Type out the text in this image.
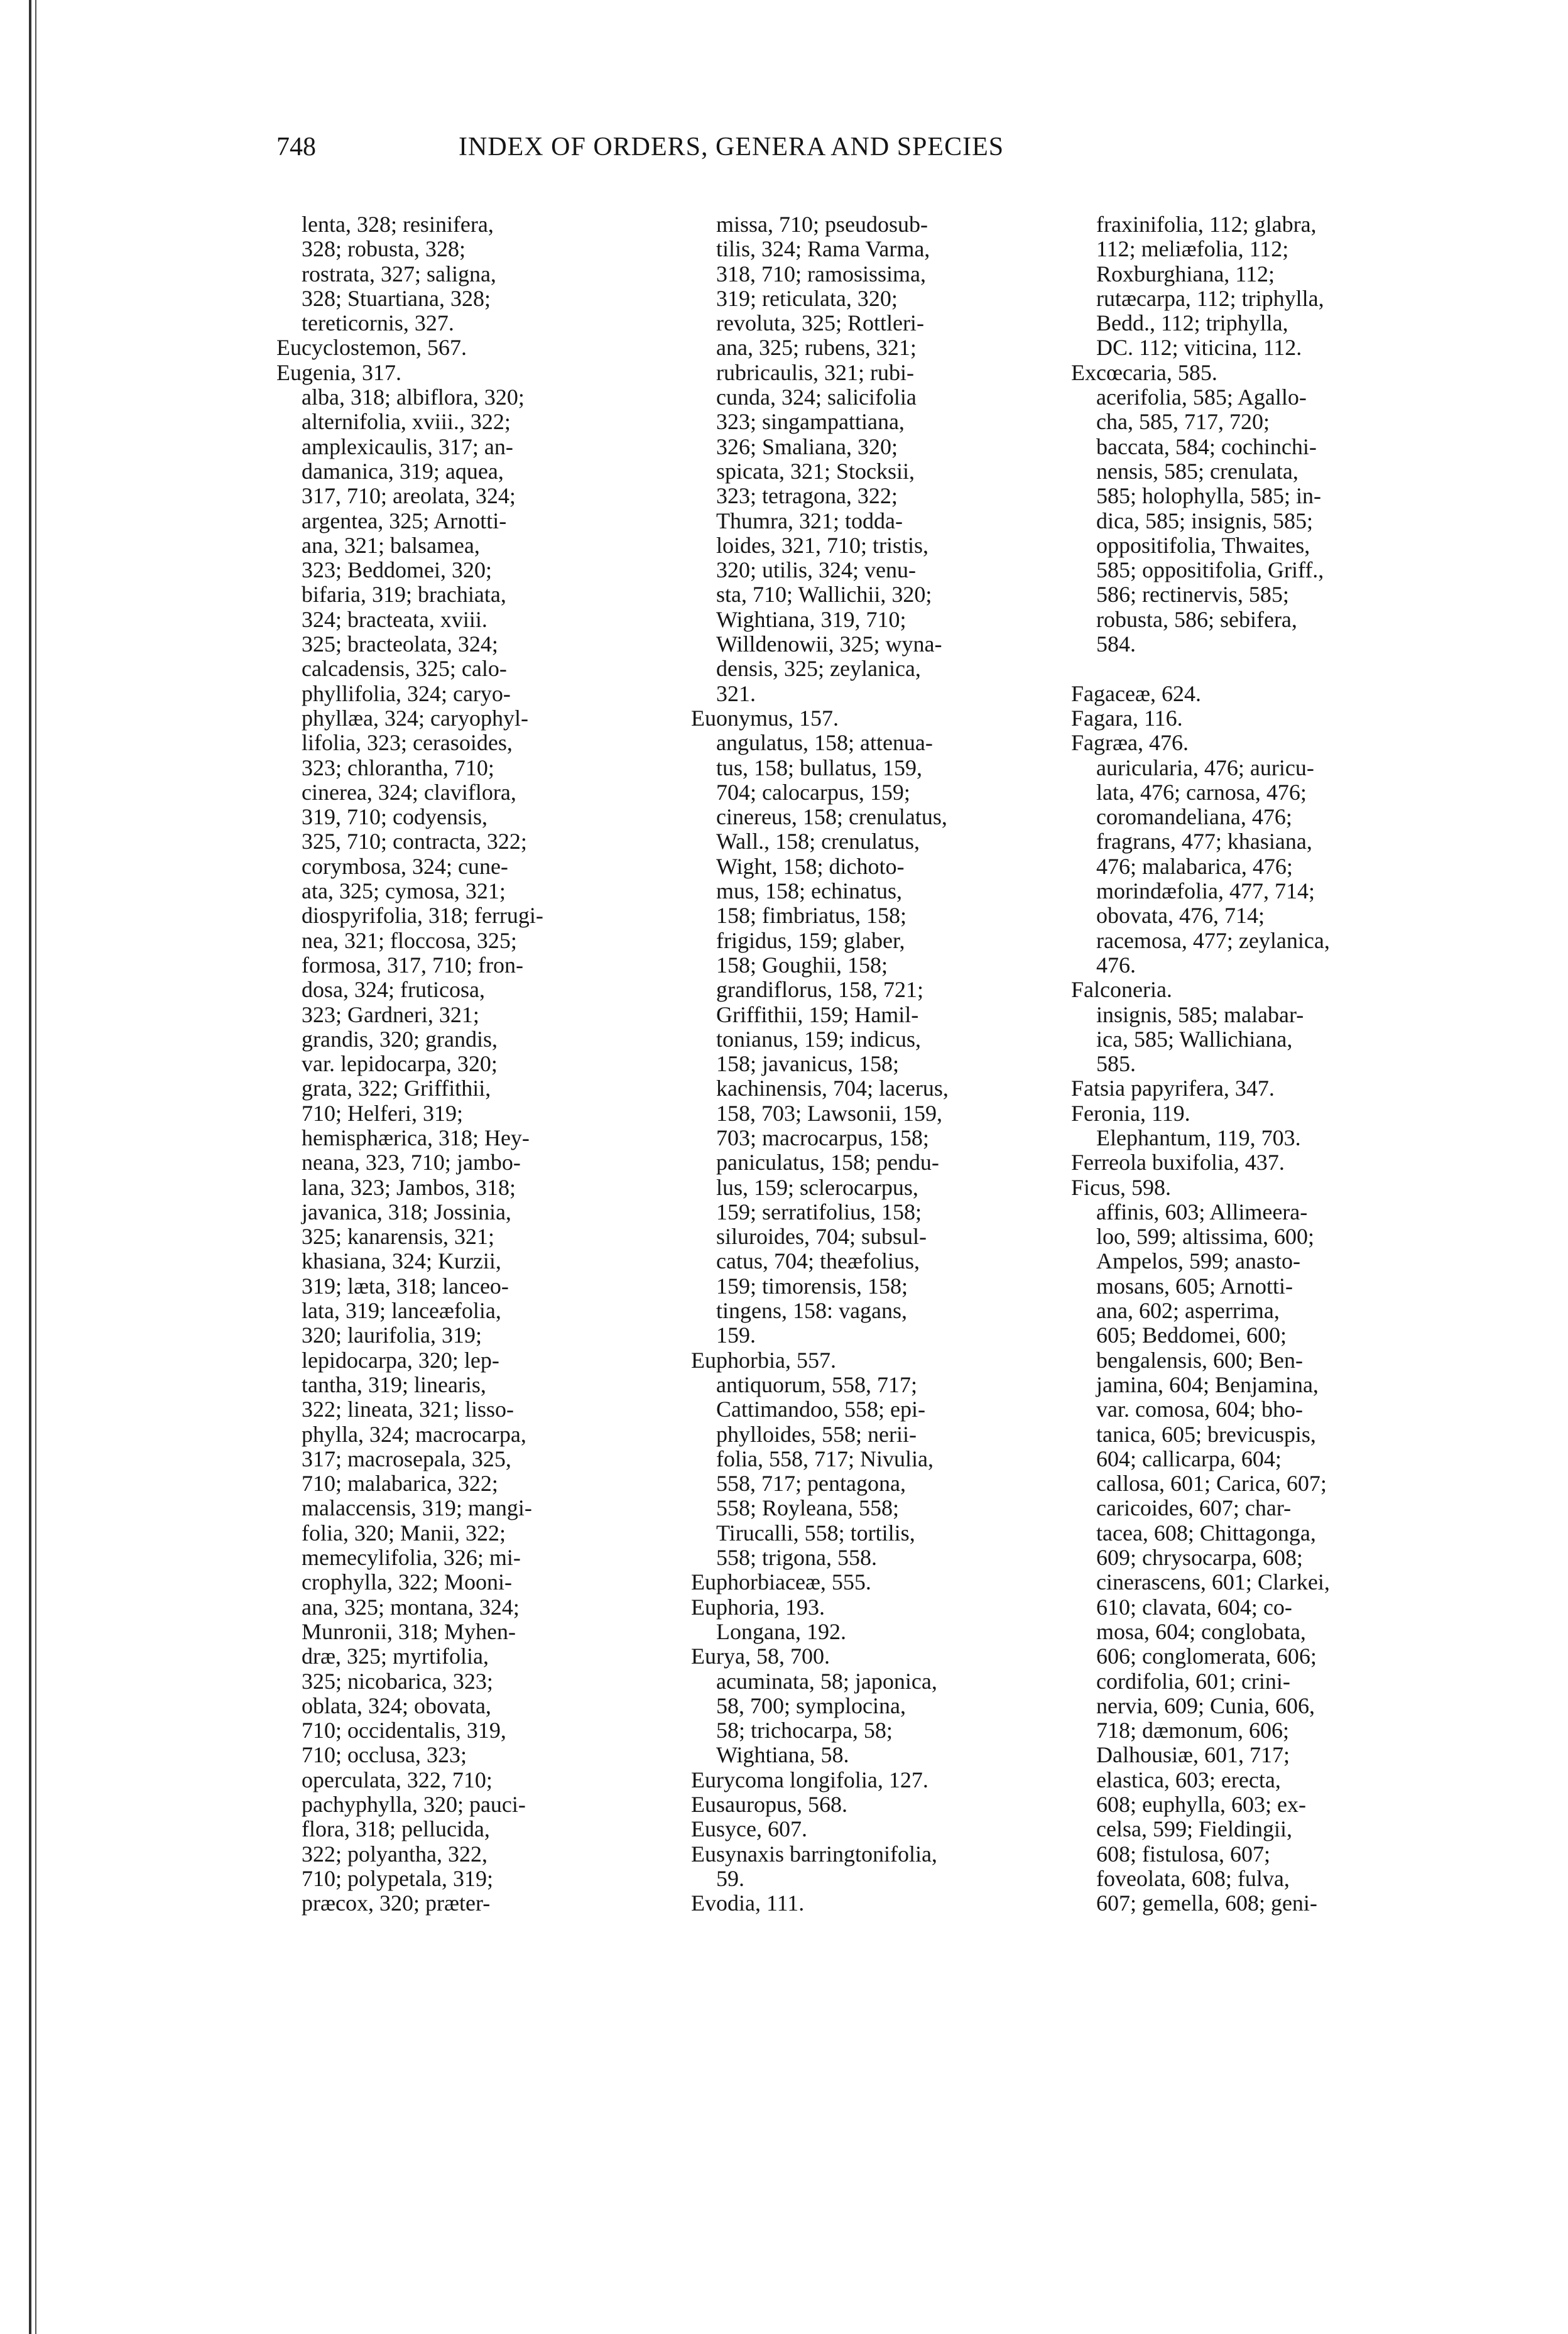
748	INDEX OF ORDERS, GENERA AND SPECIES
lenta, 328; resinifera,
328; robusta, 328;
rostrata, 327; saligna,
328; Stuartiana, 328;
tereticornis, 327.
Eucyclostemon, 567.
Eugenia, 317.
alba, 318; albiflora, 320;
alternifolia, xviii., 322;
amplexicaulis, 317; an-
damanica, 319; aquea,
317, 710; areolata, 324;
argentea, 325; Arnotti-
ana, 321; balsamea,
323; Beddomei, 320;
bifaria, 319; brachiata,
324; bracteata, xviii.
325; bracteolata, 324;
calcadensis, 325; calo-
phyllifolia, 324; caryo-
phyllæa, 324; caryophyl-
lifolia, 323; cerasoides,
323; chlorantha, 710;
cinerea, 324; claviflora,
319, 710; codyensis,
325, 710; contracta, 322;
corymbosa, 324; cune-
ata, 325; cymosa, 321;
diospyrifolia, 318; ferrugi-
nea, 321; floccosa, 325;
formosa, 317, 710; fron-
dosa, 324; fruticosa,
323; Gardneri, 321;
grandis, 320; grandis,
var. lepidocarpa, 320;
grata, 322; Griffithii,
710; Helferi, 319;
hemisphærica, 318; Hey-
neana, 323, 710; jambo-
lana, 323; Jambos, 318;
javanica, 318; Jossinia,
325; kanarensis, 321;
khasiana, 324; Kurzii,
319; læta, 318; lanceo-
lata, 319; lanceæfolia,
320; laurifolia, 319;
lepidocarpa, 320; lep-
tantha, 319; linearis,
322; lineata, 321; lisso-
phylla, 324; macrocarpa,
317; macrosepala, 325,
710; malabarica, 322;
malaccensis, 319; mangi-
folia, 320; Manii, 322;
memecylifolia, 326; mi-
crophylla, 322; Mooni-
ana, 325; montana, 324;
Munronii, 318; Myhen-
dræ, 325; myrtifolia,
325; nicobarica, 323;
oblata, 324; obovata,
710; occidentalis, 319,
710; occlusa, 323;
operculata, 322, 710;
pachyphylla, 320; pauci-
flora, 318; pellucida,
322; polyantha, 322,
710; polypetala, 319;
præcox, 320; præter-
missa, 710; pseudosub-
tilis, 324; Rama Varma,
318, 710; ramosissima,
319; reticulata, 320;
revoluta, 325; Rottleri-
ana, 325; rubens, 321;
rubricaulis, 321; rubi-
cunda, 324; salicifolia
323; singampattiana,
326; Smaliana, 320;
spicata, 321; Stocksii,
323; tetragona, 322;
Thumra, 321; todda-
loides, 321, 710; tristis,
320; utilis, 324; venu-
sta, 710; Wallichii, 320;
Wightiana, 319, 710;
Willdenowii, 325; wyna-
densis, 325; zeylanica,
321.
Euonymus, 157.
angulatus, 158; attenua-
tus, 158; bullatus, 159,
704; calocarpus, 159;
cinereus, 158; crenulatus,
Wall., 158; crenulatus,
Wight, 158; dichoto-
mus, 158; echinatus,
158; fimbriatus, 158;
frigidus, 159; glaber,
158; Goughii, 158;
grandiflorus, 158, 721;
Griffithii, 159; Hamil-
tonianus, 159; indicus,
158; javanicus, 158;
kachinensis, 704; lacerus,
158, 703; Lawsonii, 159,
703; macrocarpus, 158;
paniculatus, 158; pendu-
lus, 159; sclerocarpus,
159; serratifolius, 158;
siluroides, 704; subsul-
catus, 704; theæfolius,
159; timorensis, 158;
tingens, 158: vagans,
159.
Euphorbia, 557.
antiquorum, 558, 717;
Cattimandoo, 558; epi-
phylloides, 558; nerii-
folia, 558, 717; Nivulia,
558, 717; pentagona,
558; Royleana, 558;
Tirucalli, 558; tortilis,
558; trigona, 558.
Euphorbiaceæ, 555.
Euphoria, 193.
Longana, 192.
Eurya, 58, 700.
acuminata, 58; japonica,
58, 700; symplocina,
58; trichocarpa, 58;
Wightiana, 58.
Eurycoma longifolia, 127.
Eusauropus, 568.
Eusyce, 607.
Eusynaxis barringtonifolia,
59.
Evodia, 111.
fraxinifolia, 112; glabra,
112; meliæfolia, 112;
Roxburghiana, 112;
rutæcarpa, 112; triphylla,
Bedd., 112; triphylla,
DC. 112; viticina, 112.
Excœcaria, 585.
acerifolia, 585; Agallo-
cha, 585, 717, 720;
baccata, 584; cochinchi-
nensis, 585; crenulata,
585; holophylla, 585; in-
dica, 585; insignis, 585;
oppositifolia, Thwaites,
585; oppositifolia, Griff.,
586; rectinervis, 585;
robusta, 586; sebifera,
584.
Fagaceæ, 624.
Fagara, 116.
Fagræa, 476.
auricularia, 476; auricu-
lata, 476; carnosa, 476;
coromandeliana, 476;
fragrans, 477; khasiana,
476; malabarica, 476;
morindæfolia, 477, 714;
obovata, 476, 714;
racemosa, 477; zeylanica,
476.
Falconeria.
insignis, 585; malabar-
ica, 585; Wallichiana,
585.
Fatsia papyrifera, 347.
Feronia, 119.
Elephantum, 119, 703.
Ferreola buxifolia, 437.
Ficus, 598.
affinis, 603; Allimeera-
loo, 599; altissima, 600;
Ampelos, 599; anasto-
mosans, 605; Arnotti-
ana, 602; asperrima,
605; Beddomei, 600;
bengalensis, 600; Ben-
jamina, 604; Benjamina,
var. comosa, 604; bho-
tanica, 605; brevicuspis,
604; callicarpa, 604;
callosa, 601; Carica, 607;
caricoides, 607; char-
tacea, 608; Chittagonga,
609; chrysocarpa, 608;
cinerascens, 601; Clarkei,
610; clavata, 604; co-
mosa, 604; conglobata,
606; conglomerata, 606;
cordifolia, 601; crini-
nervia, 609; Cunia, 606,
718; dæmonum, 606;
Dalhousiæ, 601, 717;
elastica, 603; erecta,
608; euphylla, 603; ex-
celsa, 599; Fieldingii,
608; fistulosa, 607;
foveolata, 608; fulva,
607; gemella, 608; geni-
